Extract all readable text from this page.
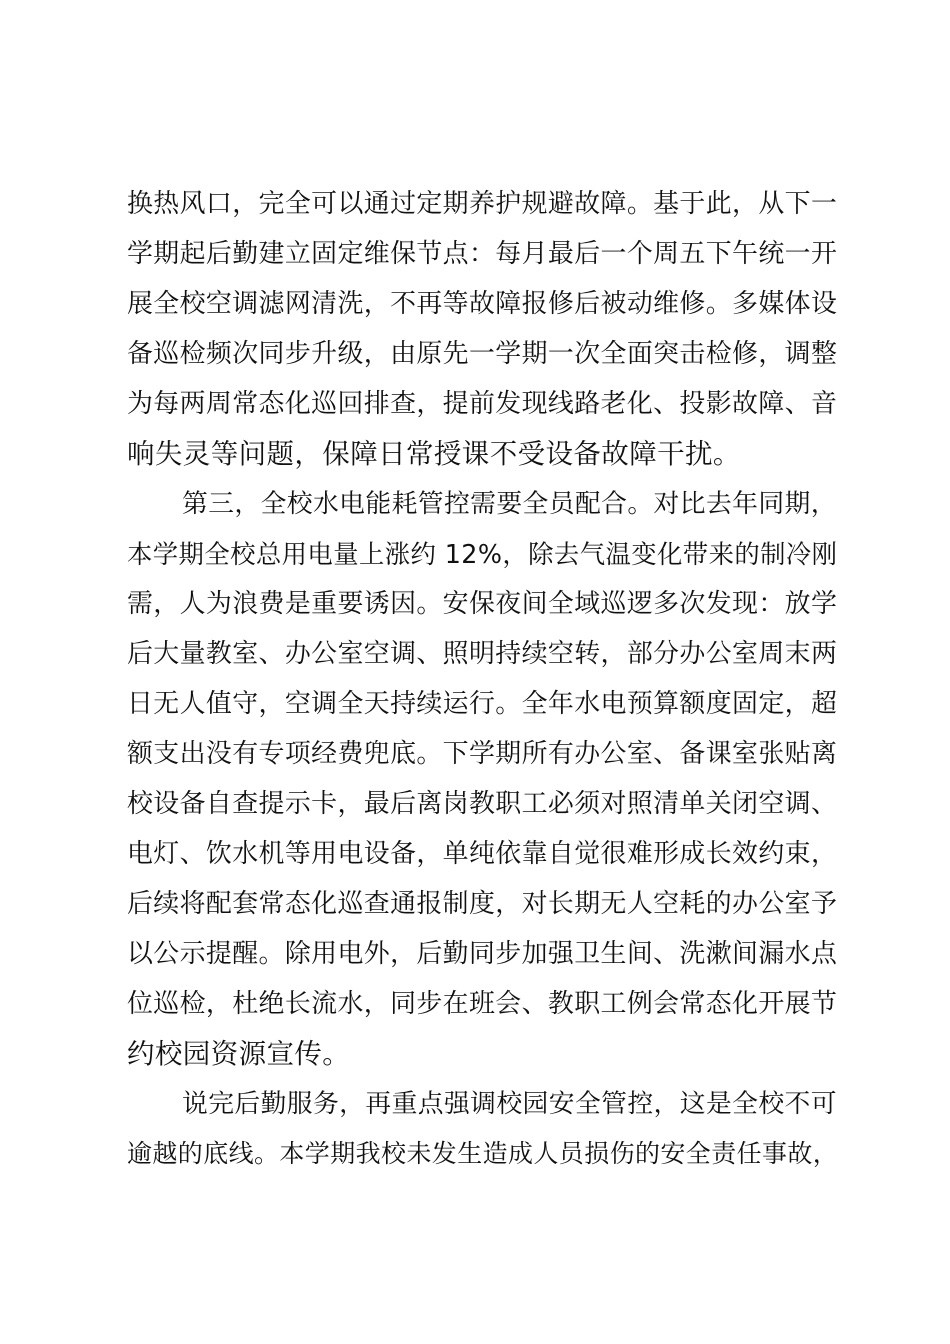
换热风口，完全可以通过定期养护规避故障。基于此，从下一
学期起后勤建立固定维保节点：每月最后一个周五下午统一开
展全校空调滤网清洗，不再等故障报修后被动维修。多媒体设
备巡检频次同步升级，由原先一学期一次全面突击检修，调整
为每两周常态化巡回排查，提前发现线路老化、投影故障、音
响失灵等问题，保障日常授课不受设备故障干扰。
第三，全校水电能耗管控需要全员配合。对比去年同期，
本学期全校总用电量上涨约 12%，除去气温变化带来的制冷刚
需，人为浪费是重要诱因。安保夜间全域巡逻多次发现：放学
后大量教室、办公室空调、照明持续空转，部分办公室周末两
日无人值守，空调全天持续运行。全年水电预算额度固定，超
额支出没有专项经费兜底。下学期所有办公室、备课室张贴离
校设备自查提示卡，最后离岗教职工必须对照清单关闭空调、
电灯、饮水机等用电设备，单纯依靠自觉很难形成长效约束，
后续将配套常态化巡查通报制度，对长期无人空耗的办公室予
以公示提醒。除用电外，后勤同步加强卫生间、洗漱间漏水点
位巡检，杜绝长流水，同步在班会、教职工例会常态化开展节
约校园资源宣传。
说完后勤服务，再重点强调校园安全管控，这是全校不可
逾越的底线。本学期我校未发生造成人员损伤的安全责任事故，
